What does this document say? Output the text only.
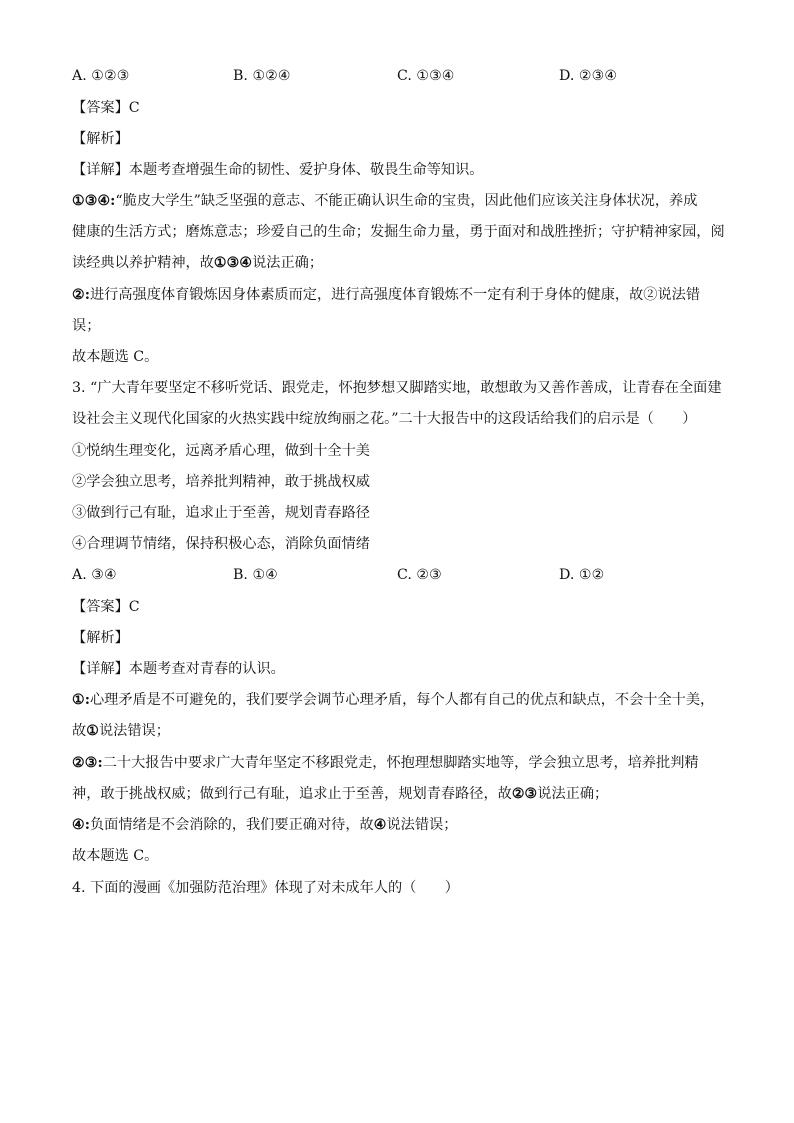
A. ①②③	B. ①②④	C. ①③④	D. ②③④
【答案】C
【解析】
【详解】本题考查增强生命的韧性、爱护身体、敬畏生命等知识。
①③④:“脆皮大学生”缺乏坚强的意志、不能正确认识生命的宝贵，因此他们应该关注身体状况，养成
健康的生活方式；磨炼意志；珍爱自己的生命；发掘生命力量，勇于面对和战胜挫折；守护精神家园，阅
读经典以养护精神，故①③④说法正确；
②:进行高强度体育锻炼因身体素质而定，进行高强度体育锻炼不一定有利于身体的健康，故②说法错
误；
故本题选 C。
3. “广大青年要坚定不移听党话、跟党走，怀抱梦想又脚踏实地，敢想敢为又善作善成，让青春在全面建
设社会主义现代化国家的火热实践中绽放绚丽之花。”二十大报告中的这段话给我们的启示是（　　）
①悦纳生理变化，远离矛盾心理，做到十全十美
②学会独立思考，培养批判精神，敢于挑战权威
③做到行己有耻，追求止于至善，规划青春路径
④合理调节情绪，保持积极心态，消除负面情绪
A. ③④	B. ①④	C. ②③	D. ①②
【答案】C
【解析】
【详解】本题考查对青春的认识。
①:心理矛盾是不可避免的，我们要学会调节心理矛盾，每个人都有自己的优点和缺点，不会十全十美，
故①说法错误；
②③:二十大报告中要求广大青年坚定不移跟党走，怀抱理想脚踏实地等，学会独立思考，培养批判精
神，敢于挑战权威；做到行己有耻，追求止于至善，规划青春路径，故②③说法正确；
④:负面情绪是不会消除的，我们要正确对待，故④说法错误；
故本题选 C。
4. 下面的漫画《加强防范治理》体现了对未成年人的（　　）
